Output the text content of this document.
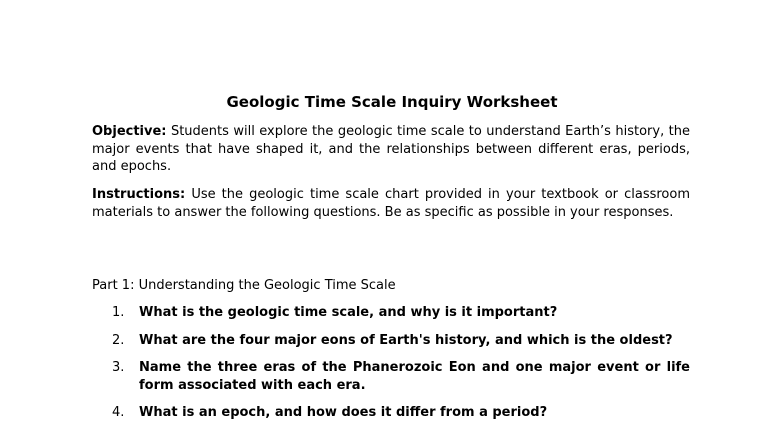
Geologic Time Scale Inquiry Worksheet
Objective: Students will explore the geologic time scale to understand Earth’s history, the major events that have shaped it, and the relationships between different eras, periods, and epochs.
Instructions: Use the geologic time scale chart provided in your textbook or classroom materials to answer the following questions. Be as specific as possible in your responses.
Part 1: Understanding the Geologic Time Scale
1.	What is the geologic time scale, and why is it important?
2.	What are the four major eons of Earth's history, and which is the oldest?
3.	Name the three eras of the Phanerozoic Eon and one major event or life form associated with each era.
4.	What is an epoch, and how does it differ from a period?
